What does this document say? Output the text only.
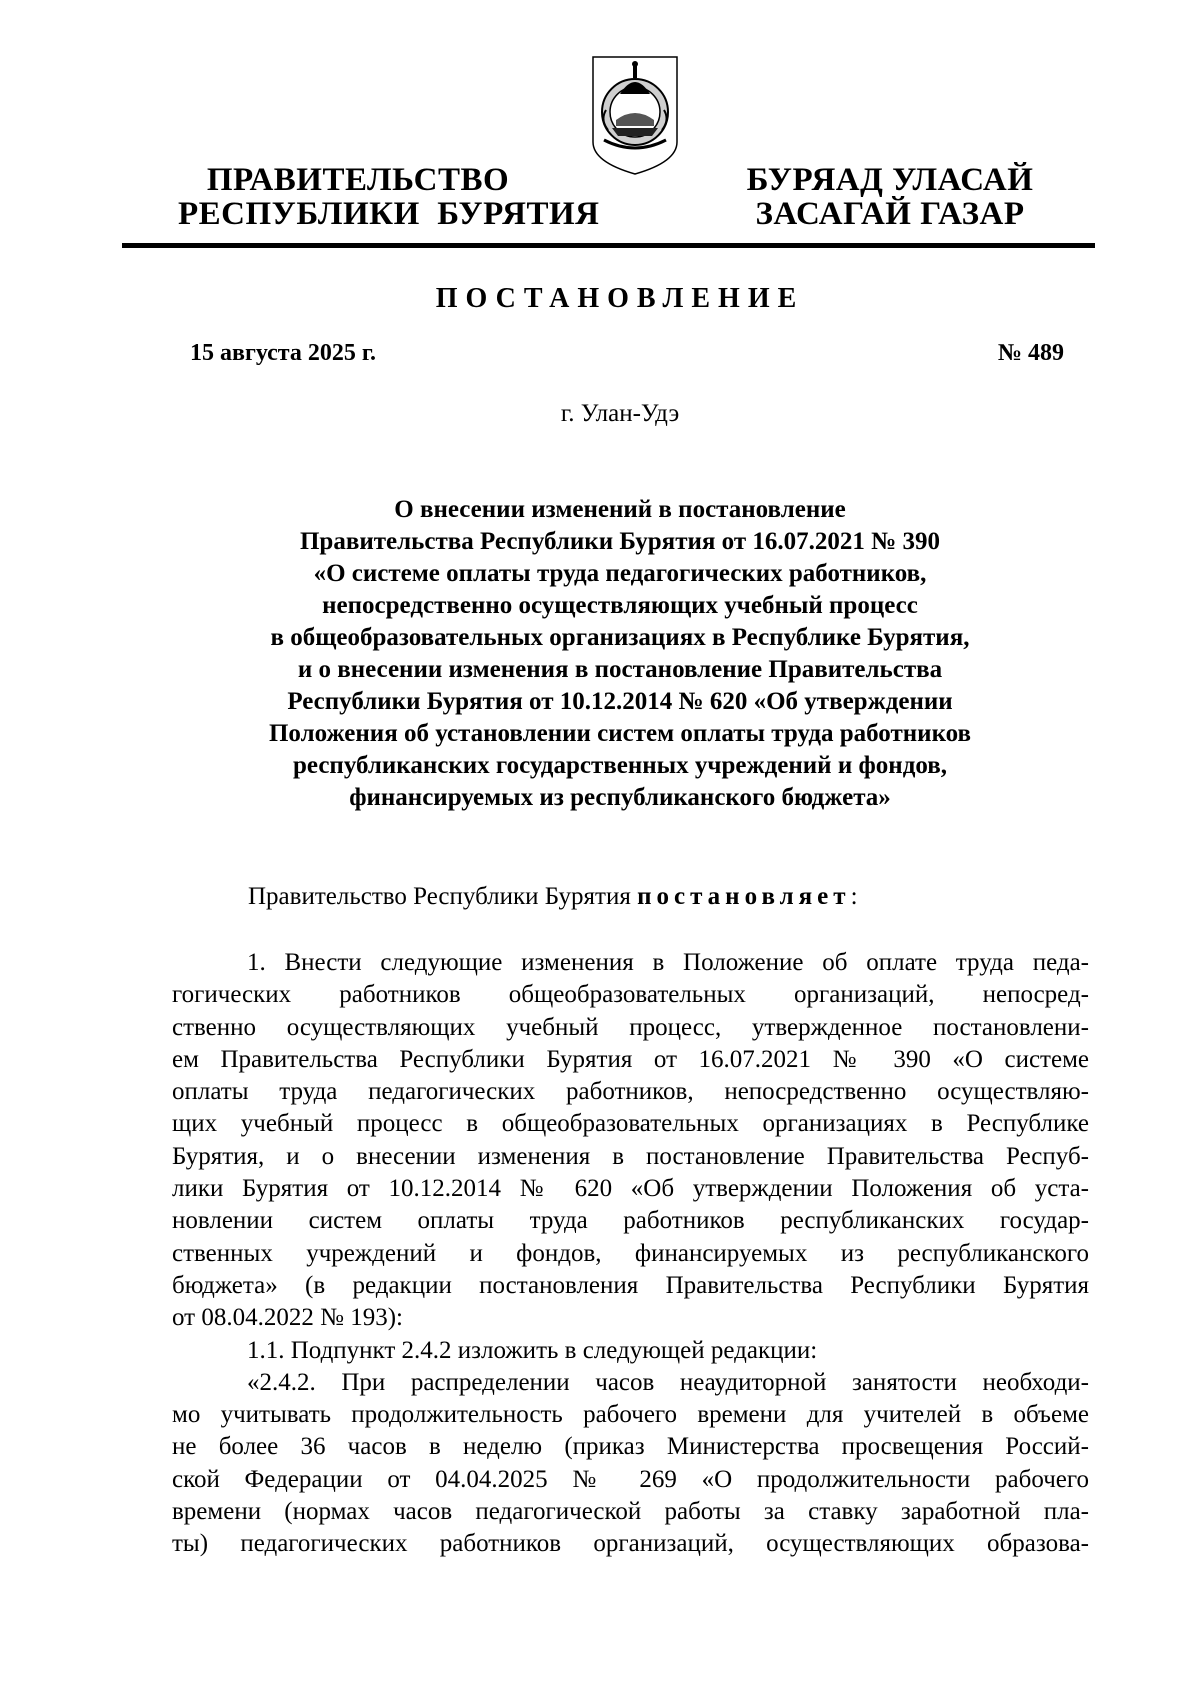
ПРАВИТЕЛЬСТВО
РЕСПУБЛИКИ  БУРЯТИЯ
БУРЯАД УЛАСАЙ
ЗАСАГАЙ ГАЗАР
ПОСТАНОВЛЕНИЕ
15 августа 2025 г.	№ 489
г. Улан-Удэ
О внесении изменений в постановление
Правительства Республики Бурятия от 16.07.2021 № 390
«О системе оплаты труда педагогических работников,
непосредственно осуществляющих учебный процесс
в общеобразовательных организациях в Республике Бурятия,
и о внесении изменения в постановление Правительства
Республики Бурятия от 10.12.2014 № 620 «Об утверждении
Положения об установлении систем оплаты труда работников
республиканских государственных учреждений и фондов,
финансируемых из республиканского бюджета»
Правительство Республики Бурятия постановляет:
1. Внести следующие изменения в Положение об оплате труда педа-
гогических работников общеобразовательных организаций, непосред-
ственно осуществляющих учебный процесс, утвержденное постановлени-
ем Правительства Республики Бурятия от 16.07.2021 № 390 «О системе
оплаты труда педагогических работников, непосредственно осуществляю-
щих учебный процесс в общеобразовательных организациях в Республике
Бурятия, и о внесении изменения в постановление Правительства Респуб-
лики Бурятия от 10.12.2014 № 620 «Об утверждении Положения об уста-
новлении систем оплаты труда работников республиканских государ-
ственных учреждений и фондов, финансируемых из республиканского
бюджета» (в редакции постановления Правительства Республики Бурятия
от 08.04.2022 № 193):
1.1. Подпункт 2.4.2 изложить в следующей редакции:
«2.4.2. При распределении часов неаудиторной занятости необходи-
мо учитывать продолжительность рабочего времени для учителей в объеме
не более 36 часов в неделю (приказ Министерства просвещения Россий-
ской Федерации от 04.04.2025 № 269 «О продолжительности рабочего
времени (нормах часов педагогической работы за ставку заработной пла-
ты) педагогических работников организаций, осуществляющих образова-
